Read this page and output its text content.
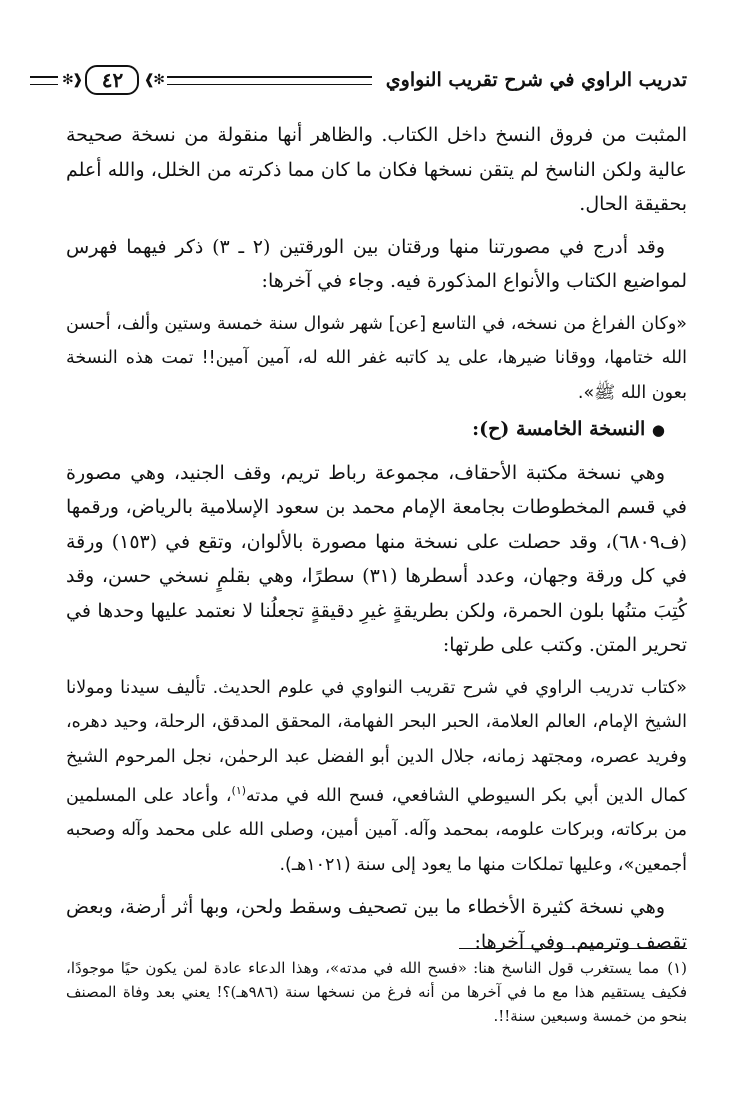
تدريب الراوي في شرح تقريب النواوي
✻❱
٤٢
❰✻

المثبت من فروق النسخ داخل الكتاب. والظاهر أنها منقولة من نسخة صحيحة عالية ولكن الناسخ لم يتقن نسخها فكان ما كان مما ذكرته من الخلل، والله أعلم بحقيقة الحال.

وقد أدرج في مصورتنا منها ورقتان بين الورقتين (٢ ـ ٣) ذكر فيهما فهرس لمواضيع الكتاب والأنواع المذكورة فيه. وجاء في آخرها:

«وكان الفراغ من نسخه، في التاسع [عن] شهر شوال سنة خمسة وستين وألف، أحسن الله ختامها، ووقانا ضيرها، على يد كاتبه غفر الله له، آمين آمين!! تمت هذه النسخة بعون الله ﷺ».

● النسخة الخامسة (ح):

وهي نسخة مكتبة الأحقاف، مجموعة رباط تريم، وقف الجنيد، وهي مصورة في قسم المخطوطات بجامعة الإمام محمد بن سعود الإسلامية بالرياض، ورقمها (ف٦٨٠٩)، وقد حصلت على نسخة منها مصورة بالألوان، وتقع في (١٥٣) ورقة في كل ورقة وجهان، وعدد أسطرها (٣١) سطرًا، وهي بقلمٍ نسخي حسن، وقد كُتِبَ متنُها بلون الحمرة، ولكن بطريقةٍ غيرِ دقيقةٍ تجعلُنا لا نعتمد عليها وحدها في تحرير المتن. وكتب على طرتها:

«كتاب تدريب الراوي في شرح تقريب النواوي في علوم الحديث. تأليف سيدنا ومولانا الشيخ الإمام، العالم العلامة، الحبر البحر الفهامة، المحقق المدقق، الرحلة، وحيد دهره، وفريد عصره، ومجتهد زمانه، جلال الدين أبو الفضل عبد الرحمٰن، نجل المرحوم الشيخ كمال الدين أبي بكر السيوطي الشافعي، فسح الله في مدته$^{(١)}$، وأعاد على المسلمين من بركاته، وبركات علومه، بمحمد وآله. آمين أمين، وصلى الله على محمد وآله وصحبه أجمعين»، وعليها تملكات منها ما يعود إلى سنة (١٠٢١هـ).

وهي نسخة كثيرة الأخطاء ما بين تصحيف وسقط ولحن، وبها أثر أرضة، وبعض تقصف وترميم. وفي آخرها:

(١)مما يستغرب قول الناسخ هنا: «فسح الله في مدته»، وهذا الدعاء عادة لمن يكون حيًا موجودًا، فكيف يستقيم هذا مع ما في آخرها من أنه فرغ من نسخها سنة (٩٨٦هـ)؟! يعني بعد وفاة المصنف بنحو من خمسة وسبعين سنة!!.
